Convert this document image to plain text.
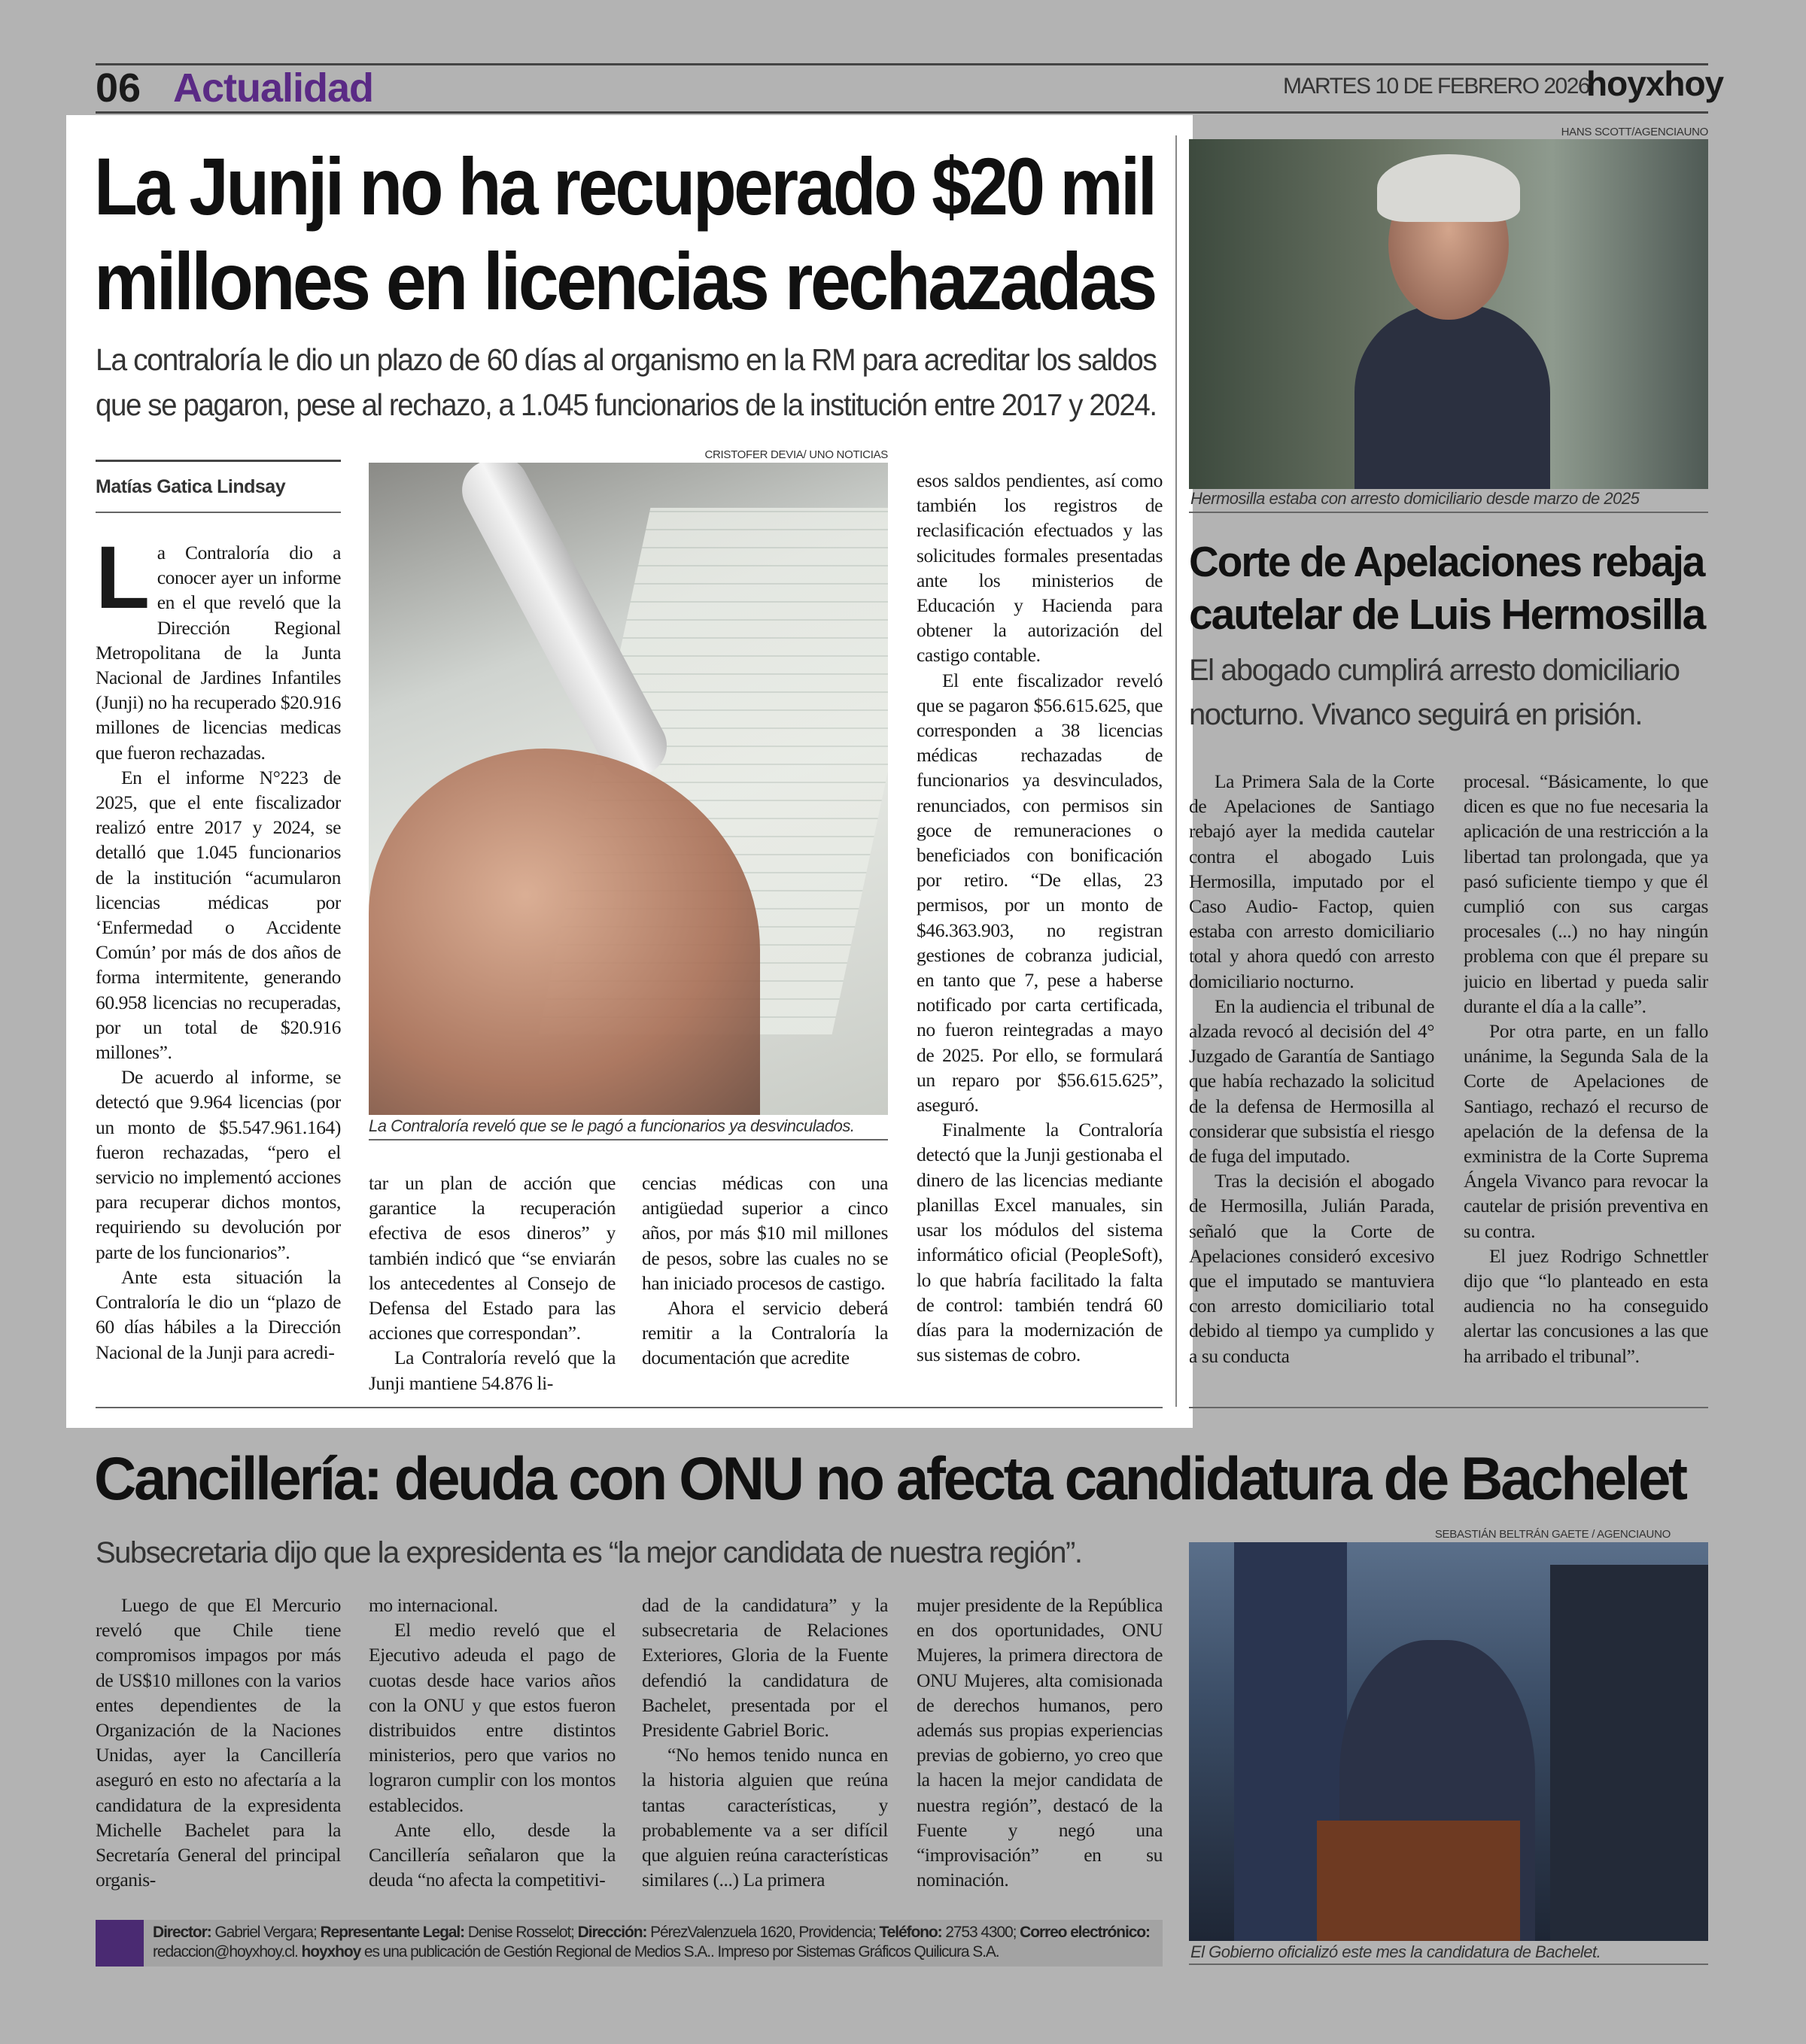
06 Actualidad	MARTES 10 DE FEBRERO 2026
hoyxhoy
La Junji no ha recuperado $20 mil
millones en licencias rechazadas
La contraloría le dio un plazo de 60 días al organismo en la RM para acreditar los saldos
que se pagaron, pese al rechazo, a 1.045 funcionarios de la institución entre 2017 y 2024.
Matías Gatica Lindsay
CRISTOFER DEVIA/ UNO NOTICIAS
La Contraloría reveló que se le pagó a funcionarios ya desvinculados.
L a Contraloría dio a conocer ayer un informe en el que reveló que la Dirección Regional Metropolitana de la Junta Nacional de Jardines Infantiles (Junji) no ha recuperado $20.916 millones de licencias medicas que fueron rechazadas.

En el informe N°223 de 2025, que el ente fiscalizador realizó entre 2017 y 2024, se detalló que 1.045 funcionarios de la institución “acumularon licencias médicas por ‘Enfermedad o Accidente Común’ por más de dos años de forma intermitente, generando 60.958 licencias no recuperadas, por un total de $20.916 millones”.

De acuerdo al informe, se detectó que 9.964 licencias (por un monto de $5.547.961.164) fueron rechazadas, “pero el servicio no implementó acciones para recuperar dichos montos, requiriendo su devolución por parte de los funcionarios”.

Ante esta situación la Contraloría le dio un “plazo de 60 días hábiles a la Dirección Nacional de la Junji para acredi-

tar un plan de acción que garantice la recuperación efectiva de esos dineros” y también indicó que “se enviarán los antecedentes al Consejo de Defensa del Estado para las acciones que correspondan”.

La Contraloría reveló que la Junji mantiene 54.876 li-

cencias médicas con una antigüedad superior a cinco años, por más $10 mil millones de pesos, sobre las cuales no se han iniciado procesos de castigo.

Ahora el servicio deberá remitir a la Contraloría la documentación que acredite

esos saldos pendientes, así como también los registros de reclasificación efectuados y las solicitudes formales presentadas ante los ministerios de Educación y Hacienda para obtener la autorización del castigo contable.

El ente fiscalizador reveló que se pagaron $56.615.625, que corresponden a 38 licencias médicas rechazadas de funcionarios ya desvinculados, renunciados, con permisos sin goce de remuneraciones o beneficiados con bonificación por retiro. “De ellas, 23 permisos, por un monto de $46.363.903, no registran gestiones de cobranza judicial, en tanto que 7, pese a haberse notificado por carta certificada, no fueron reintegradas a mayo de 2025. Por ello, se formulará un reparo por $56.615.625”, aseguró.

Finalmente la Contraloría detectó que la Junji gestionaba el dinero de las licencias mediante planillas Excel manuales, sin usar los módulos del sistema informático oficial (PeopleSoft), lo que habría facilitado la falta de control: también tendrá 60 días para la modernización de sus sistemas de cobro.

HANS SCOTT/AGENCIAUNO
Hermosilla estaba con arresto domiciliario desde marzo de 2025
Corte de Apelaciones rebaja
cautelar de Luis Hermosilla
El abogado cumplirá arresto domiciliario
nocturno. Vivanco seguirá en prisión.

La Primera Sala de la Corte de Apelaciones de Santiago rebajó ayer la medida cautelar contra el abogado Luis Hermosilla, imputado por el Caso Audio- Factop, quien estaba con arresto domiciliario total y ahora quedó con arresto domiciliario nocturno.

En la audiencia el tribunal de alzada revocó al decisión del 4° Juzgado de Garantía de Santiago que había rechazado la solicitud de la defensa de Hermosilla al considerar que subsistía el riesgo de fuga del imputado.

Tras la decisión el abogado de Hermosilla, Julián Parada, señaló que la Corte de Apelaciones consideró excesivo que el imputado se mantuviera con arresto domiciliario total debido al tiempo ya cumplido y a su conducta

procesal. “Básicamente, lo que dicen es que no fue necesaria la aplicación de una restricción a la libertad tan prolongada, que ya pasó suficiente tiempo y que él cumplió con sus cargas procesales (...) no hay ningún problema con que él prepare su juicio en libertad y pueda salir durante el día a la calle”.

Por otra parte, en un fallo unánime, la Segunda Sala de la Corte de Apelaciones de Santiago, rechazó el recurso de apelación de la defensa de la exministra de la Corte Suprema Ángela Vivanco para revocar la cautelar de prisión preventiva en su contra.

El juez Rodrigo Schnettler dijo que “lo planteado en esta audiencia no ha conseguido alertar las concusiones a las que ha arribado el tribunal”.

Cancillería: deuda con ONU no afecta candidatura de Bachelet
Subsecretaria dijo que la expresidenta es “la mejor candidata de nuestra región”.
SEBASTIÁN BELTRÁN GAETE / AGENCIAUNO
El Gobierno oficializó este mes la candidatura de Bachelet.

Luego de que El Mercurio reveló que Chile tiene compromisos impagos por más de US$10 millones con la varios entes dependientes de la Organización de la Naciones Unidas, ayer la Cancillería aseguró en esto no afectaría a la candidatura de la expresidenta Michelle Bachelet para la Secretaría General del principal organis-

mo internacional.

El medio reveló que el Ejecutivo adeuda el pago de cuotas desde hace varios años con la ONU y que estos fueron distribuidos entre distintos ministerios, pero que varios no lograron cumplir con los montos establecidos.

Ante ello, desde la Cancillería señalaron que la deuda “no afecta la competitivi-

dad de la candidatura” y la subsecretaria de Relaciones Exteriores, Gloria de la Fuente defendió la candidatura de Bachelet, presentada por el Presidente Gabriel Boric.

“No hemos tenido nunca en la historia alguien que reúna tantas características, y probablemente va a ser difícil que alguien reúna características similares (...) La primera

mujer presidente de la República en dos oportunidades, ONU Mujeres, la primera directora de ONU Mujeres, alta comisionada de derechos humanos, pero además sus propias experiencias previas de gobierno, yo creo que la hacen la mejor candidata de nuestra región”, destacó de la Fuente y negó una “improvisación” en su nominación.

Director: Gabriel Vergara; Representante Legal: Denise Rosselot; Dirección: PérezValenzuela 1620, Providencia; Teléfono: 2753 4300; Correo electrónico: redaccion@hoyxhoy.cl. hoyxhoy es una publicación de Gestión Regional de Medios S.A.. Impreso por Sistemas Gráficos Quilicura S.A.
